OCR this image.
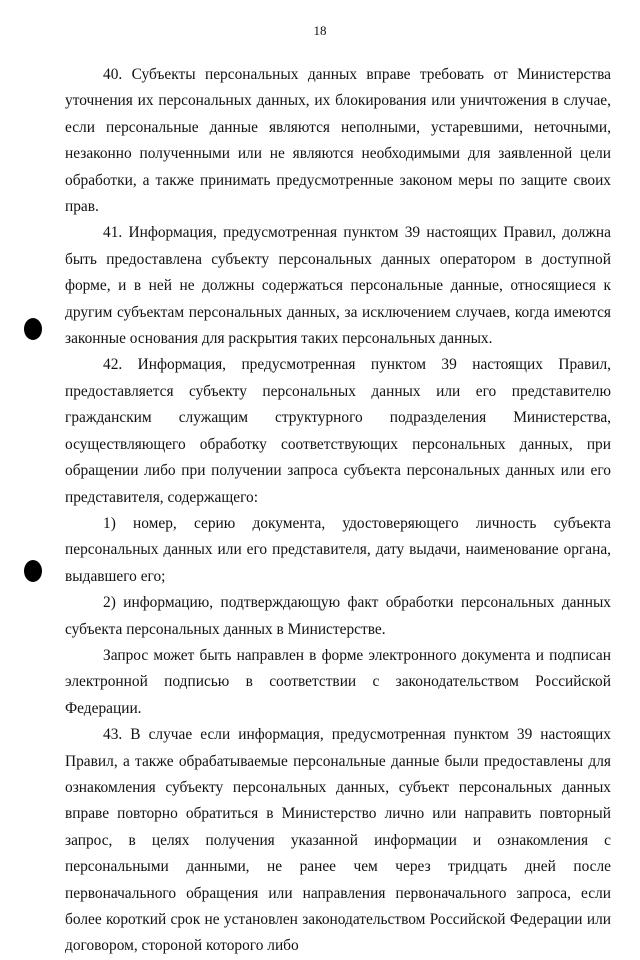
18

40. Субъекты персональных данных вправе требовать от Министерства уточнения их персональных данных, их блокирования или уничтожения в случае, если персональные данные являются неполными, устаревшими, неточными, незаконно полученными или не являются необходимыми для заявленной цели обработки, а также принимать предусмотренные законом меры по защите своих прав.

41. Информация, предусмотренная пунктом 39 настоящих Правил, должна быть предоставлена субъекту персональных данных оператором в доступной форме, и в ней не должны содержаться персональные данные, относящиеся к другим субъектам персональных данных, за исключением случаев, когда имеются законные основания для раскрытия таких персональных данных.

42. Информация, предусмотренная пунктом 39 настоящих Правил, предоставляется субъекту персональных данных или его представителю гражданским служащим структурного подразделения Министерства, осуществляющего обработку соответствующих персональных данных, при обращении либо при получении запроса субъекта персональных данных или его представителя, содержащего:

1) номер, серию документа, удостоверяющего личность субъекта персональных данных или его представителя, дату выдачи, наименование органа, выдавшего его;

2) информацию, подтверждающую факт обработки персональных данных субъекта персональных данных в Министерстве.

Запрос может быть направлен в форме электронного документа и подписан электронной подписью в соответствии с законодательством Российской Федерации.

43. В случае если информация, предусмотренная пунктом 39 настоящих Правил, а также обрабатываемые персональные данные были предоставлены для ознакомления субъекту персональных данных, субъект персональных данных вправе повторно обратиться в Министерство лично или направить повторный запрос, в целях получения указанной информации и ознакомления с персональными данными, не ранее чем через тридцать дней после первоначального обращения или направления первоначального запроса, если более короткий срок не установлен законодательством Российской Федерации или договором, стороной которого либо
